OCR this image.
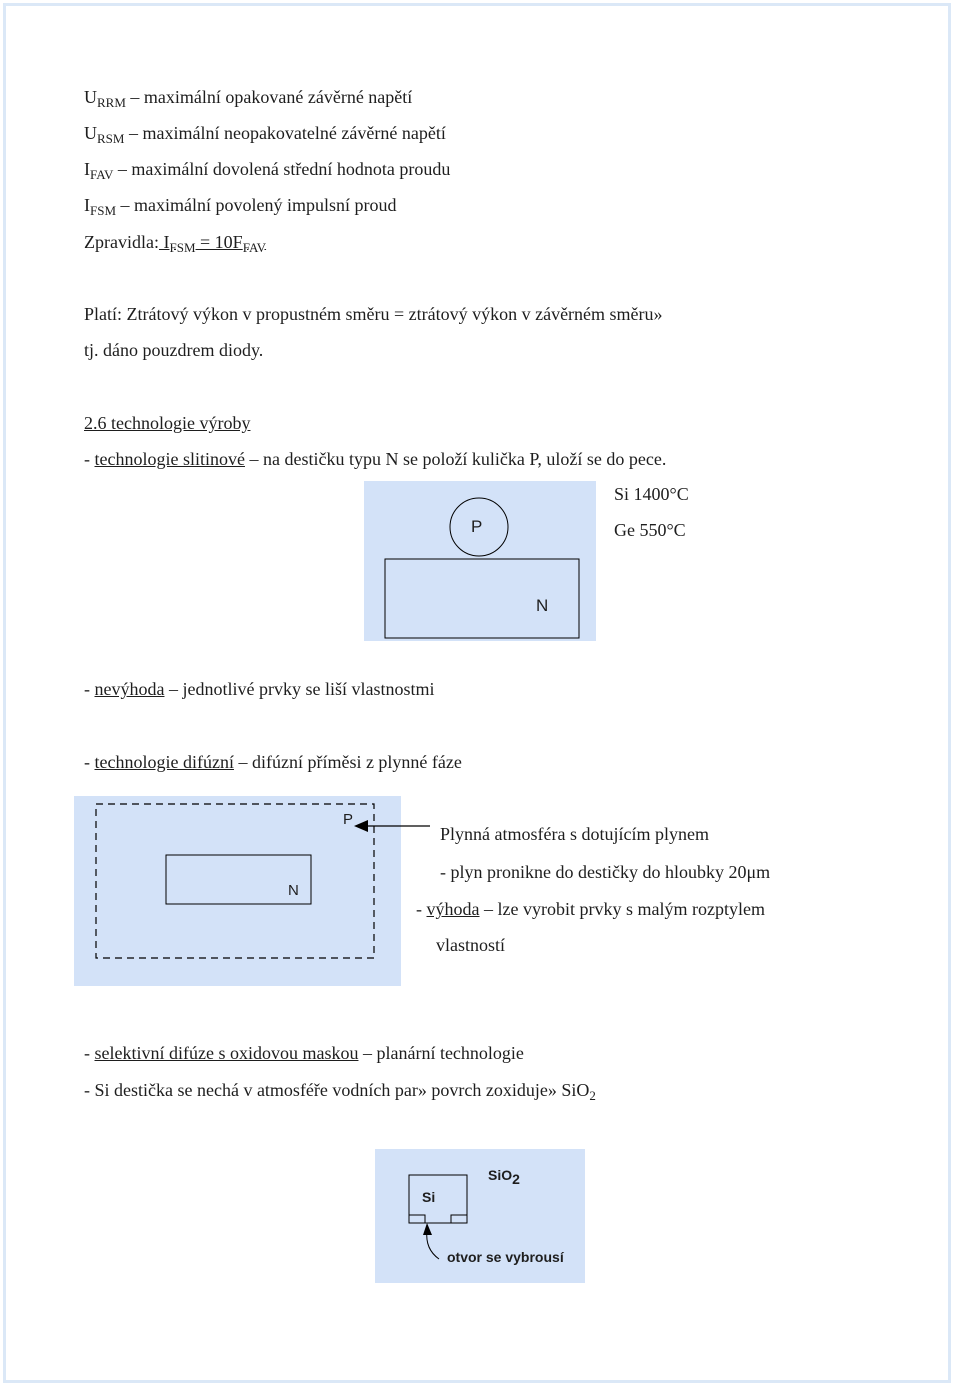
$U_{RRM}$ – maximální opakované závěrné napětí
$U_{RSM}$ – maximální neopakovatelné závěrné napětí
$I_{FAV}$ – maximální dovolená střední hodnota proudu
$I_{FSM}$ – maximální povolený impulsní proud
Zpravidla: $I_{FSM} = 10F_{FAV}$
Platí: Ztrátový výkon v propustném směru = ztrátový výkon v závěrném směru»
tj. dáno pouzdrem diody.
2.6 technologie výroby
- technologie slitinové – na destičku typu N se položí kulička P, uloží se do pece.
P
N
Si 1400°C
Ge 550°C
- nevýhoda – jednotlivé prvky se liší vlastnostmi
- technologie difúzní – difúzní příměsi z plynné fáze
P
N
Plynná atmosféra s dotujícím plynem
- plyn pronikne do destičky do hloubky 20μm
- výhoda – lze vyrobit prvky s malým rozptylem
vlastností
- selektivní difúze s oxidovou maskou – planární technologie
- Si destička se nechá v atmosféře vodních par» povrch zoxiduje» SiO$_2$
Si
SiO2
otvor se vybrousí
